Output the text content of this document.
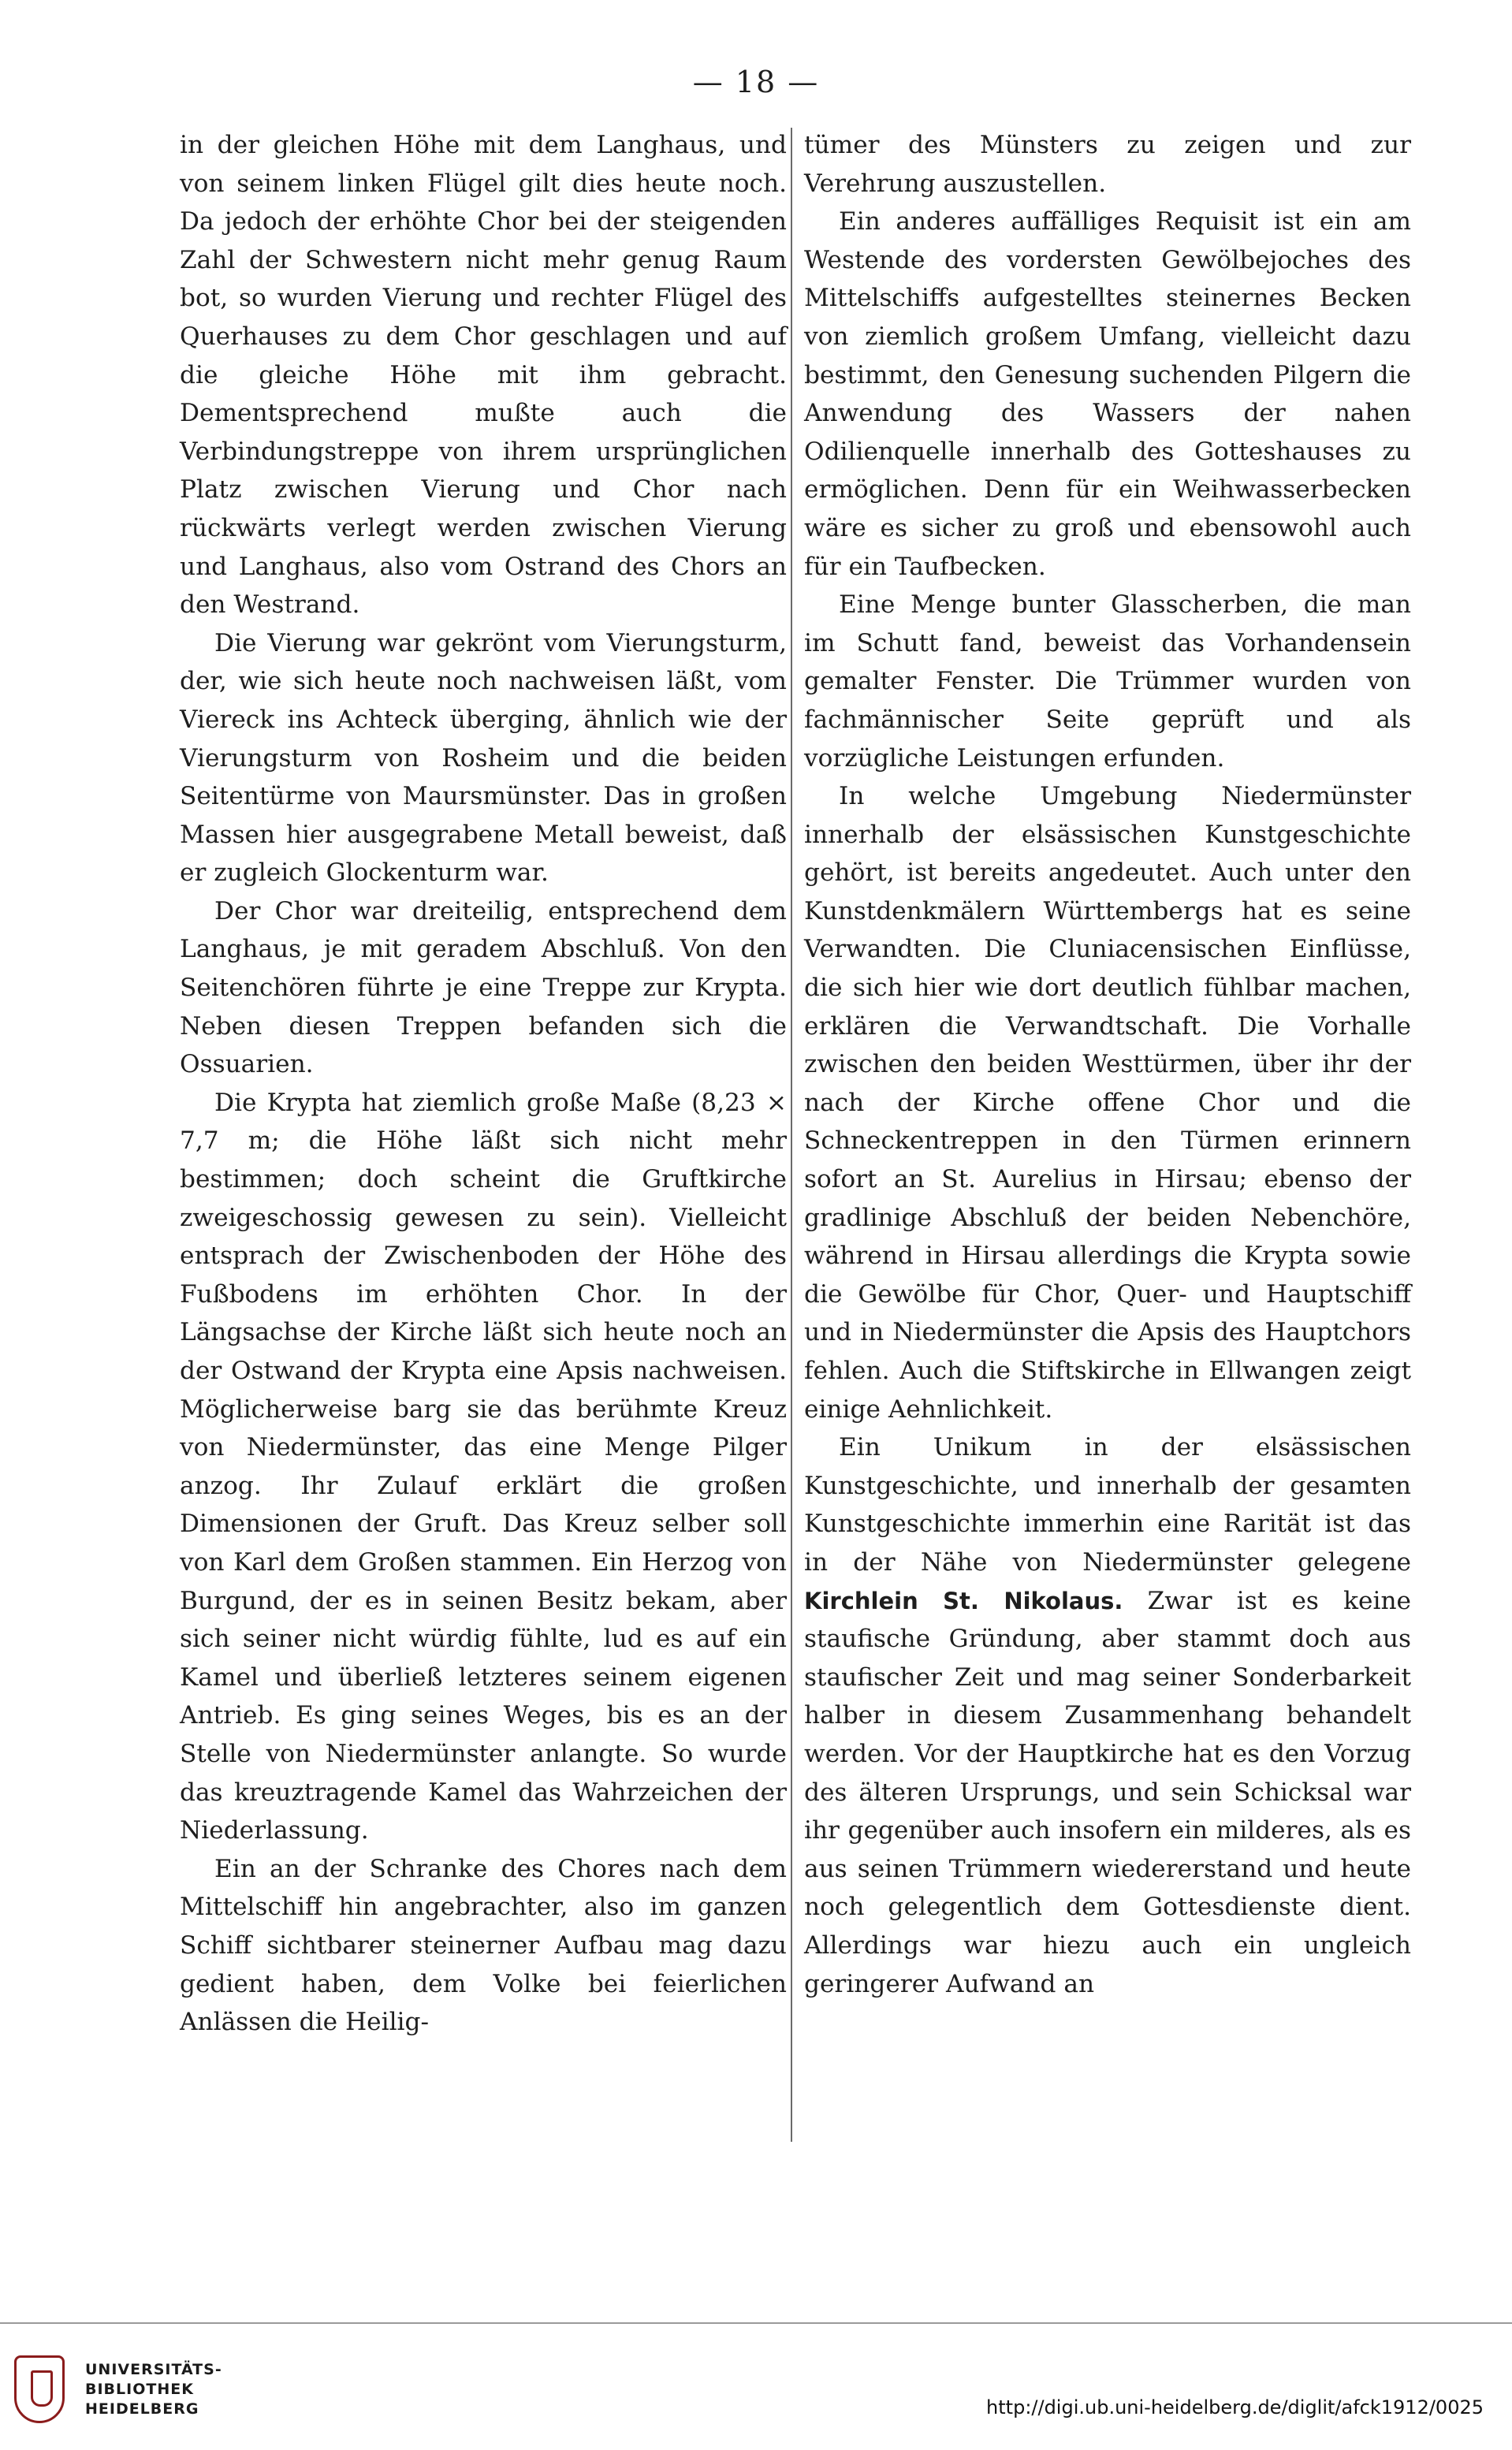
— 18 —

in der gleichen Höhe mit dem Langhaus, und von seinem linken Flügel gilt dies heute noch. Da jedoch der erhöhte Chor bei der steigenden Zahl der Schwestern nicht mehr genug Raum bot, so wurden Vierung und rechter Flügel des Querhauses zu dem Chor geschlagen und auf die gleiche Höhe mit ihm gebracht. Dementsprechend mußte auch die Verbindungstreppe von ihrem ursprünglichen Platz zwischen Vierung und Chor nach rückwärts verlegt werden zwischen Vierung und Langhaus, also vom Ostrand des Chors an den Westrand.

Die Vierung war gekrönt vom Vierungsturm, der, wie sich heute noch nachweisen läßt, vom Viereck ins Achteck überging, ähnlich wie der Vierungsturm von Rosheim und die beiden Seitentürme von Maursmünster. Das in großen Massen hier ausgegrabene Metall beweist, daß er zugleich Glockenturm war.

Der Chor war dreiteilig, entsprechend dem Langhaus, je mit geradem Abschluß. Von den Seitenchören führte je eine Treppe zur Krypta. Neben diesen Treppen befanden sich die Ossuarien.

Die Krypta hat ziemlich große Maße (8,23 × 7,7 m; die Höhe läßt sich nicht mehr bestimmen; doch scheint die Gruftkirche zweigeschossig gewesen zu sein). Vielleicht entsprach der Zwischenboden der Höhe des Fußbodens im erhöhten Chor. In der Längsachse der Kirche läßt sich heute noch an der Ostwand der Krypta eine Apsis nachweisen. Möglicherweise barg sie das berühmte Kreuz von Niedermünster, das eine Menge Pilger anzog. Ihr Zulauf erklärt die großen Dimensionen der Gruft. Das Kreuz selber soll von Karl dem Großen stammen. Ein Herzog von Burgund, der es in seinen Besitz bekam, aber sich seiner nicht würdig fühlte, lud es auf ein Kamel und überließ letzteres seinem eigenen Antrieb. Es ging seines Weges, bis es an der Stelle von Niedermünster anlangte. So wurde das kreuztragende Kamel das Wahrzeichen der Niederlassung.

Ein an der Schranke des Chores nach dem Mittelschiff hin angebrachter, also im ganzen Schiff sichtbarer steinerner Aufbau mag dazu gedient haben, dem Volke bei feierlichen Anlässen die Heilig-

tümer des Münsters zu zeigen und zur Verehrung auszustellen.

Ein anderes auffälliges Requisit ist ein am Westende des vordersten Gewölbejoches des Mittelschiffs aufgestelltes steinernes Becken von ziemlich großem Umfang, vielleicht dazu bestimmt, den Genesung suchenden Pilgern die Anwendung des Wassers der nahen Odilienquelle innerhalb des Gotteshauses zu ermöglichen. Denn für ein Weihwasserbecken wäre es sicher zu groß und ebensowohl auch für ein Taufbecken.

Eine Menge bunter Glasscherben, die man im Schutt fand, beweist das Vorhandensein gemalter Fenster. Die Trümmer wurden von fachmännischer Seite geprüft und als vorzügliche Leistungen erfunden.

In welche Umgebung Niedermünster innerhalb der elsässischen Kunstgeschichte gehört, ist bereits angedeutet. Auch unter den Kunstdenkmälern Württembergs hat es seine Verwandten. Die Cluniacensischen Einflüsse, die sich hier wie dort deutlich fühlbar machen, erklären die Verwandtschaft. Die Vorhalle zwischen den beiden Westtürmen, über ihr der nach der Kirche offene Chor und die Schneckentreppen in den Türmen erinnern sofort an St. Aurelius in Hirsau; ebenso der gradlinige Abschluß der beiden Nebenchöre, während in Hirsau allerdings die Krypta sowie die Gewölbe für Chor, Quer- und Hauptschiff und in Niedermünster die Apsis des Hauptchors fehlen. Auch die Stiftskirche in Ellwangen zeigt einige Aehnlichkeit.

Ein Unikum in der elsässischen Kunstgeschichte, und innerhalb der gesamten Kunstgeschichte immerhin eine Rarität ist das in der Nähe von Niedermünster gelegene Kirchlein St. Nikolaus. Zwar ist es keine staufische Gründung, aber stammt doch aus staufischer Zeit und mag seiner Sonderbarkeit halber in diesem Zusammenhang behandelt werden. Vor der Hauptkirche hat es den Vorzug des älteren Ursprungs, und sein Schicksal war ihr gegenüber auch insofern ein milderes, als es aus seinen Trümmern wiedererstand und heute noch gelegentlich dem Gottesdienste dient. Allerdings war hiezu auch ein ungleich geringerer Aufwand an

UNIVERSITÄTS-
BIBLIOTHEK
HEIDELBERG	http://digi.ub.uni-heidelberg.de/diglit/afck1912/0025
